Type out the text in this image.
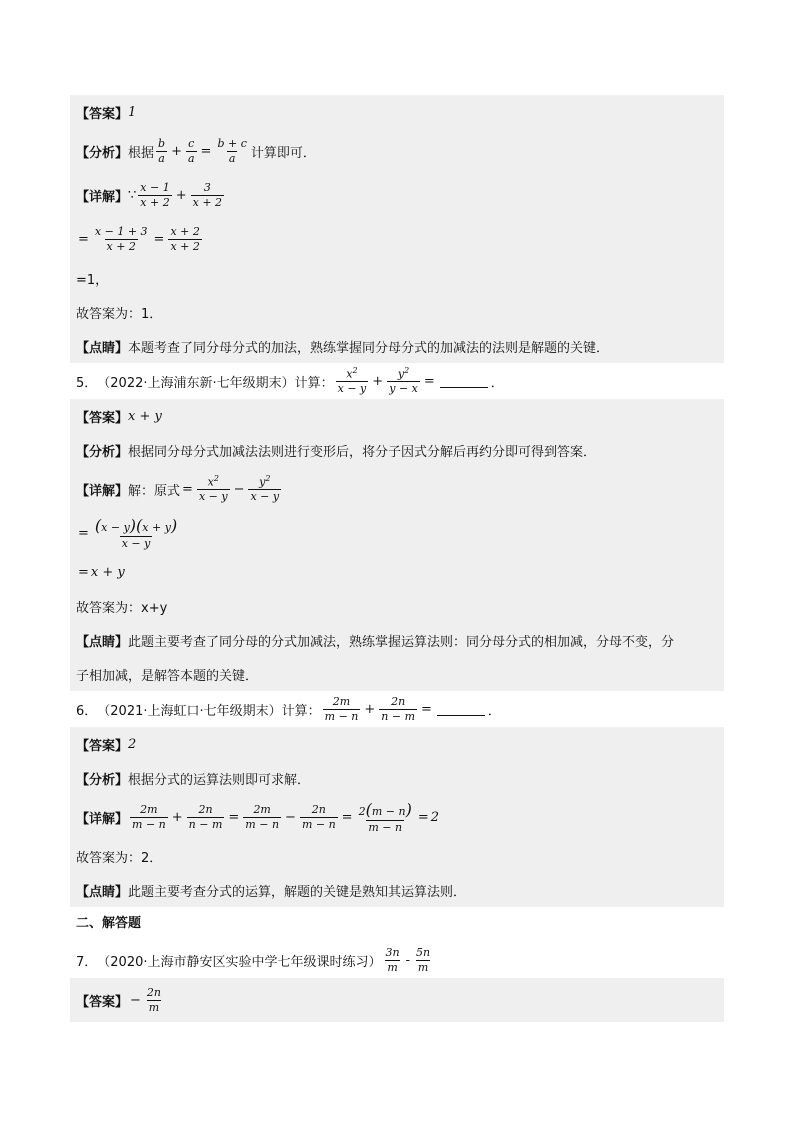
【答案】 1
【分析】 根据 $\frac{b}{a} + \frac{c}{a} = \frac{b + c}{a}$ 计算即可．
【详解】 ∵ $\frac{x - 1}{x + 2} + \frac{3}{x + 2}$
= $\frac{x - 1 + 3}{x + 2} = \frac{x + 2}{x + 2}$
=1，
故答案为：1．
【点睛】 本题考查了同分母分式的加法，熟练掌握同分母分式的加减法的法则是解题的关键．
5． （2022·上海浦东新·七年级期末）计算： $\frac{x^2}{x - y} + \frac{y^2}{y - x}$ =	．
【答案】 x + y
【分析】 根据同分母分式加减法法则进行变形后，将分子因式分解后再约分即可得到答案．
【详解】 解：原式 = $\frac{x^2}{x - y} - \frac{y^2}{x - y}$
= $\frac{(x - y)(x + y)}{x - y}$
= x + y
故答案为：x+y
【点睛】 此题主要考查了同分母的分式加减法，熟练掌握运算法则：同分母分式的相加减，分母不变，分
子相加减，是解答本题的关键．
6． （2021·上海虹口·七年级期末）计算： $\frac{2m}{m - n} + \frac{2n}{n - m}$ =	．
【答案】 2
【分析】 根据分式的运算法则即可求解．
【详解】 $\frac{2m}{m - n} + \frac{2n}{n - m} = \frac{2m}{m - n} - \frac{2n}{m - n} = \frac{2(m - n)}{m - n} = 2$
故答案为：2．
【点睛】 此题主要考查分式的运算，解题的关键是熟知其运算法则．
二、解答题
7． （2020·上海市静安区实验中学七年级课时练习） $\frac{3n}{m} - \frac{5n}{m}$
【答案】 − $\frac{2n}{m}$
